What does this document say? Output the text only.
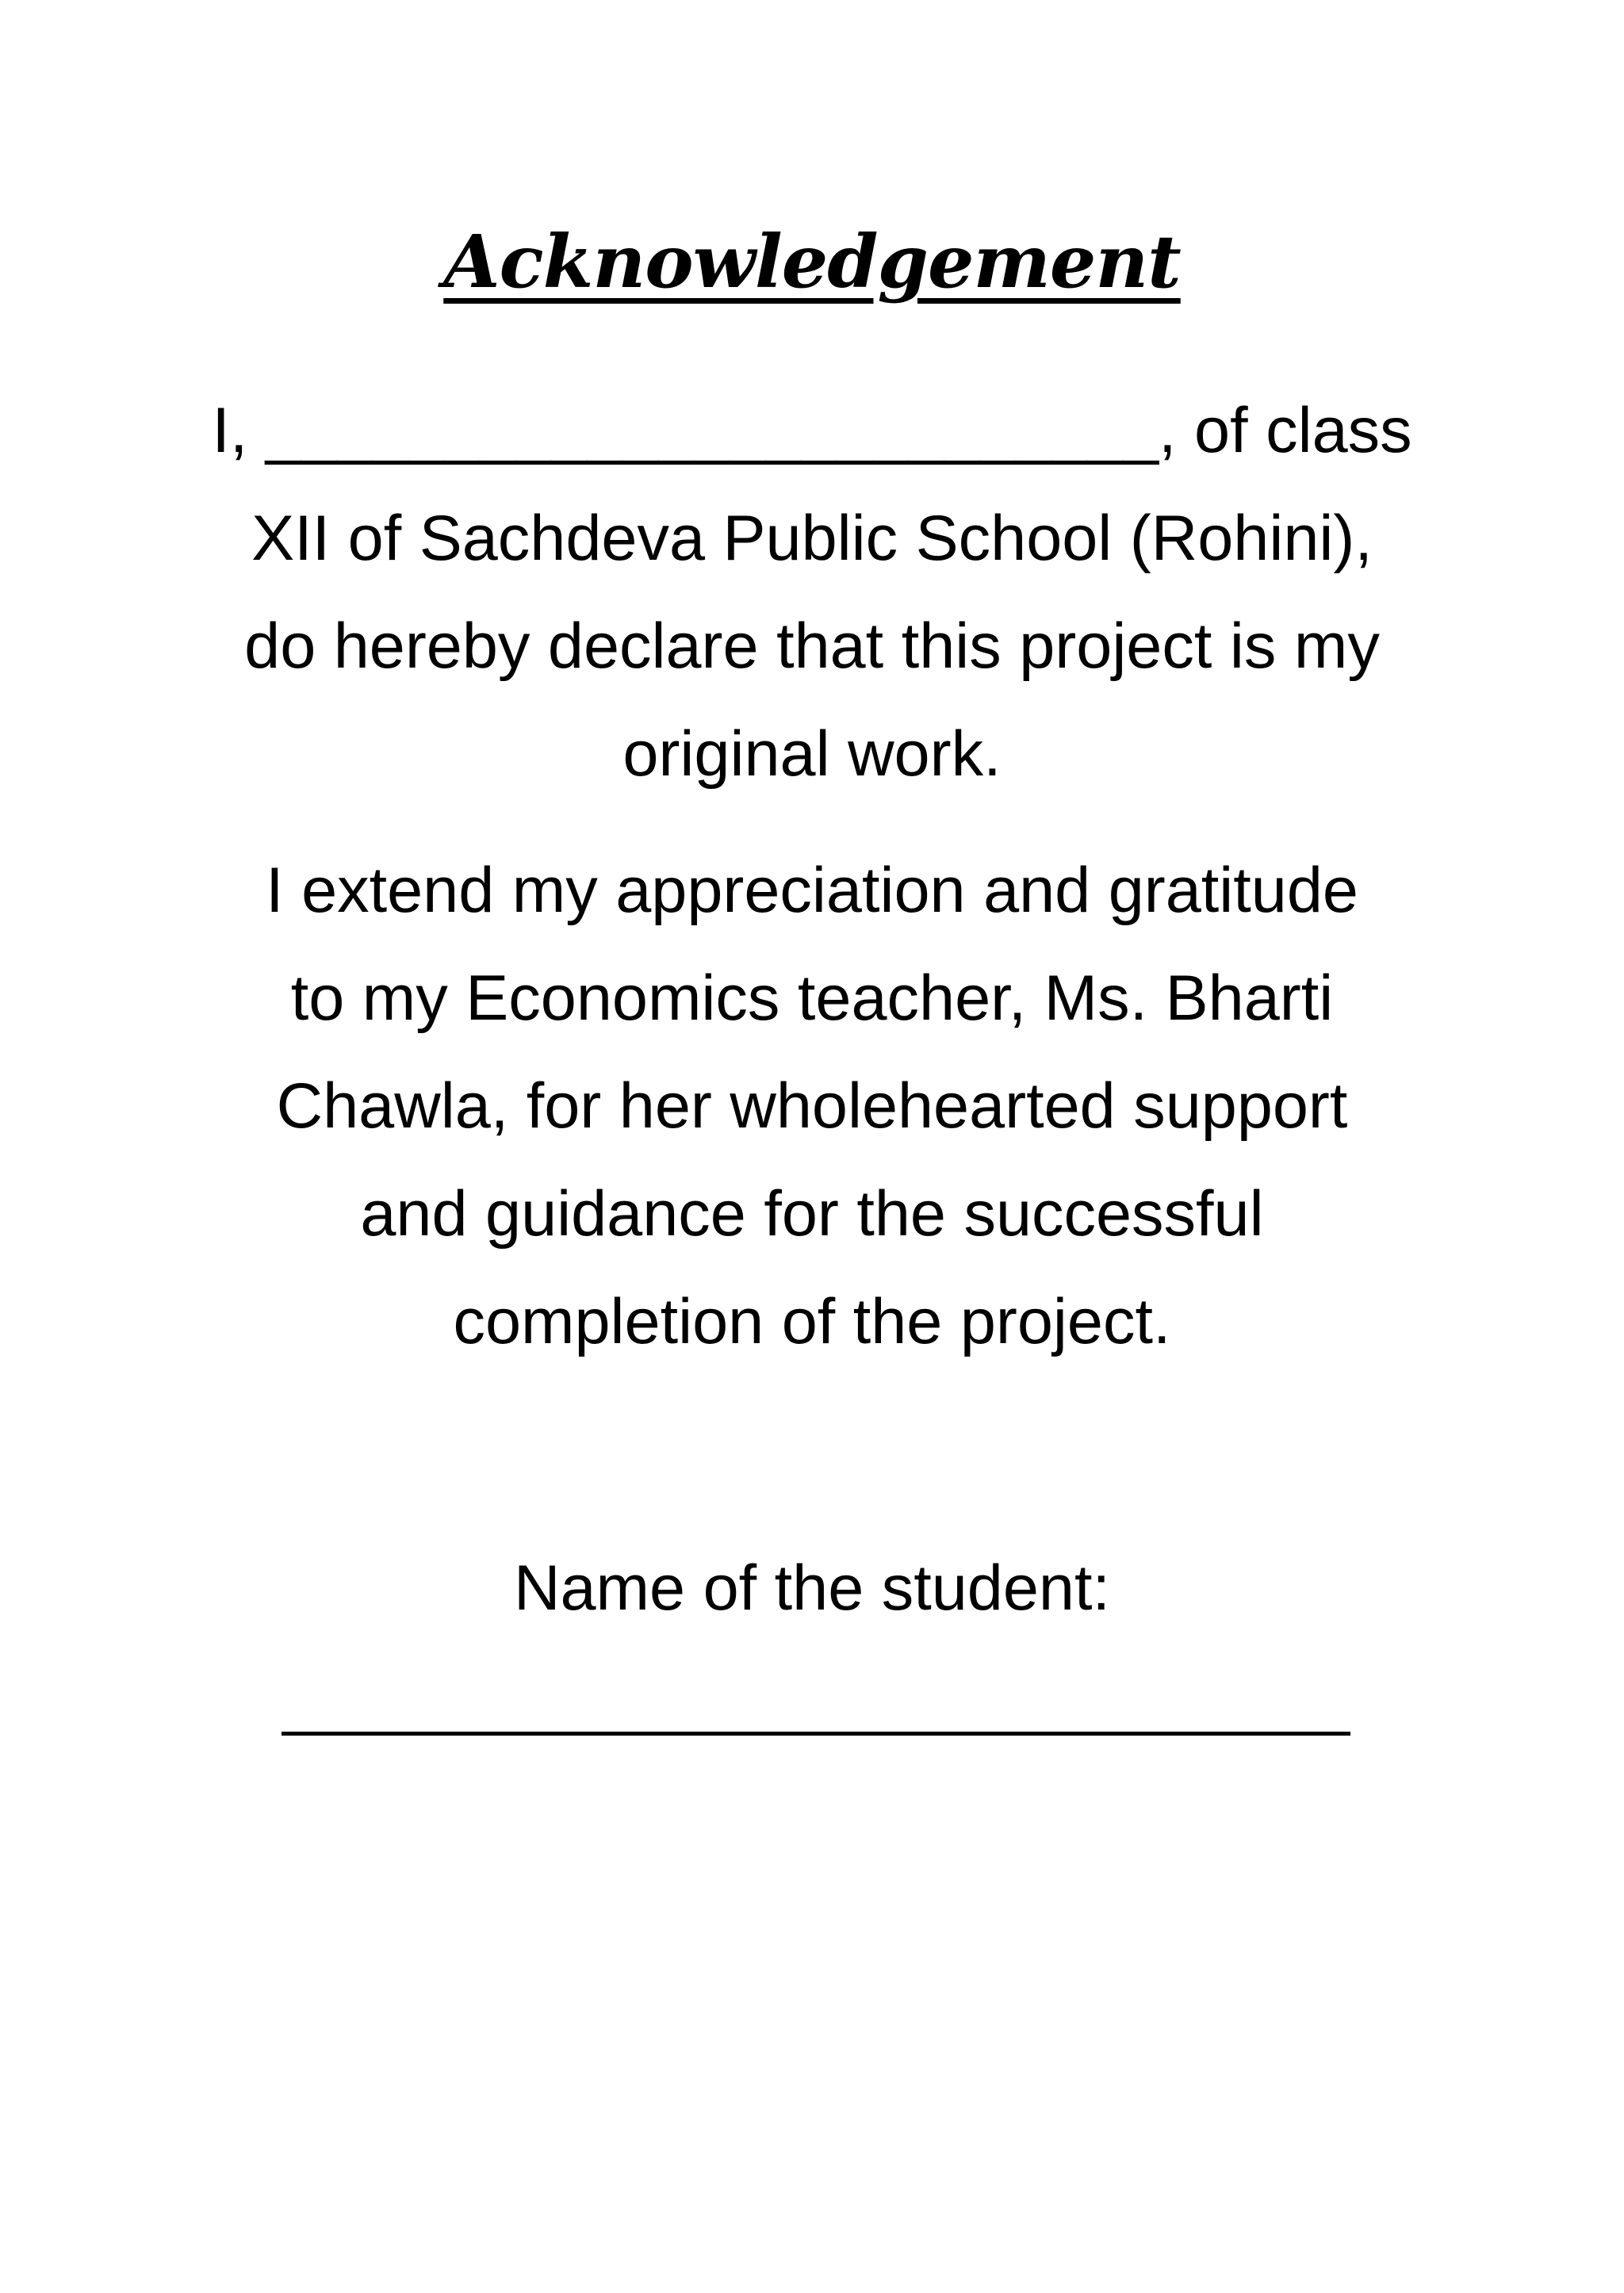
Acknowledgement

I, _________________________, of class
XII of Sachdeva Public School (Rohini),
do hereby declare that this project is my
original work.

I extend my appreciation and gratitude
to my Economics teacher, Ms. Bharti
Chawla, for her wholehearted support
and guidance for the successful
completion of the project.

Name of the student:
